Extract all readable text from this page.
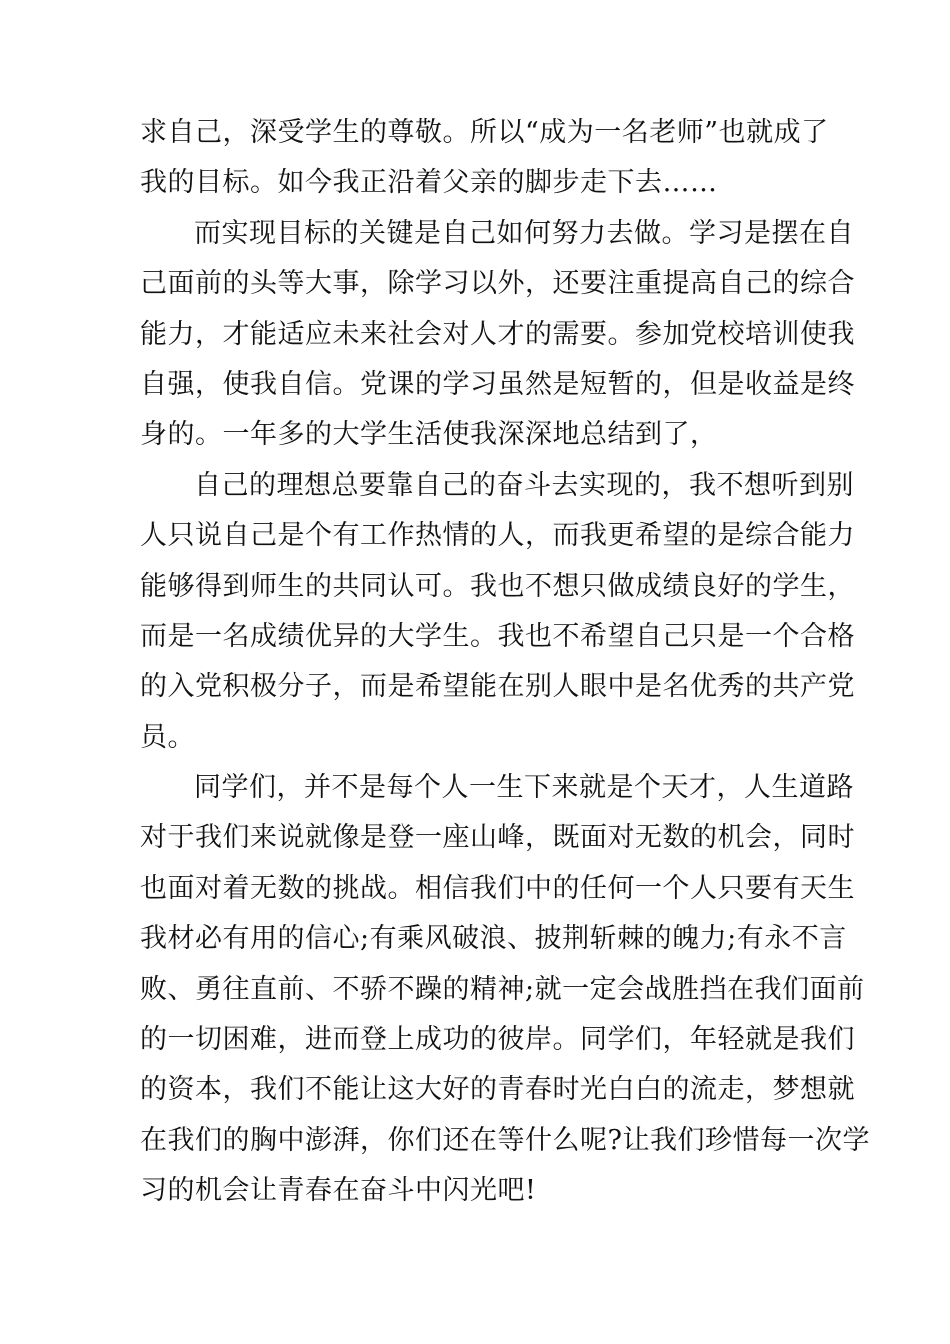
求自己，深受学生的尊敬。所以“成为一名老师”也就成了
我的目标。如今我正沿着父亲的脚步走下去……
而实现目标的关键是自己如何努力去做。学习是摆在自
己面前的头等大事，除学习以外，还要注重提高自己的综合
能力，才能适应未来社会对人才的需要。参加党校培训使我
自强，使我自信。党课的学习虽然是短暂的，但是收益是终
身的。一年多的大学生活使我深深地总结到了，
自己的理想总要靠自己的奋斗去实现的，我不想听到别
人只说自己是个有工作热情的人，而我更希望的是综合能力
能够得到师生的共同认可。我也不想只做成绩良好的学生，
而是一名成绩优异的大学生。我也不希望自己只是一个合格
的入党积极分子，而是希望能在别人眼中是名优秀的共产党
员。
同学们，并不是每个人一生下来就是个天才，人生道路
对于我们来说就像是登一座山峰，既面对无数的机会，同时
也面对着无数的挑战。相信我们中的任何一个人只要有天生
我材必有用的信心;有乘风破浪、披荆斩棘的魄力;有永不言
败、勇往直前、不骄不躁的精神;就一定会战胜挡在我们面前
的一切困难，进而登上成功的彼岸。同学们，年轻就是我们
的资本，我们不能让这大好的青春时光白白的流走，梦想就
在我们的胸中澎湃，你们还在等什么呢?让我们珍惜每一次学
习的机会让青春在奋斗中闪光吧!
